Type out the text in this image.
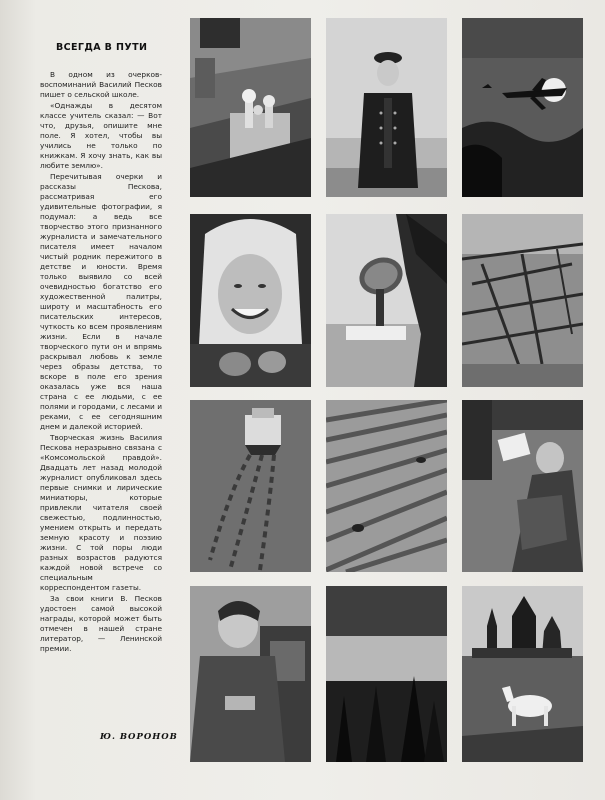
ВСЕГДА В ПУТИ

В одном из очерков-воспоминаний Василий Песков пишет о сельской школе.

«Однажды в десятом классе учитель сказал: — Вот что, друзья, опишите мне поле. Я хотел, чтобы вы учились не только по книжкам. Я хочу знать, как вы любите землю».

Перечитывая очерки и рассказы Пескова, рассматривая его удивительные фотографии, я подумал: а ведь все творчество этого признанного журналиста и замечательного писателя имеет началом чистый родник пережитого в детстве и юности. Время только выявило со всей очевидностью богатство его художественной палитры, широту и масштабность его писательских интересов, чуткость ко всем проявлениям жизни. Если в начале творческого пути он и впрямь раскрывал любовь к земле через образы детства, то вскоре в поле его зрения оказалась уже вся наша страна с ее людьми, с ее полями и городами, с лесами и реками, с ее сегодняшним днем и далекой историей.

Творческая жизнь Василия Пескова неразрывно связана с «Комсомольской правдой». Двадцать лет назад молодой журналист опубликовал здесь первые снимки и лирические миниатюры, которые привлекли читателя своей свежестью, подлинностью, умением открыть и передать земную красоту и поэзию жизни. С той поры люди разных возрастов радуются каждой новой встрече со специальным корреспондентом газеты.

За свои книги В. Песков удостоен самой высокой награды, которой может быть отмечен в нашей стране литератор, — Ленинской премии.

Ю. ВОРОНОВ
